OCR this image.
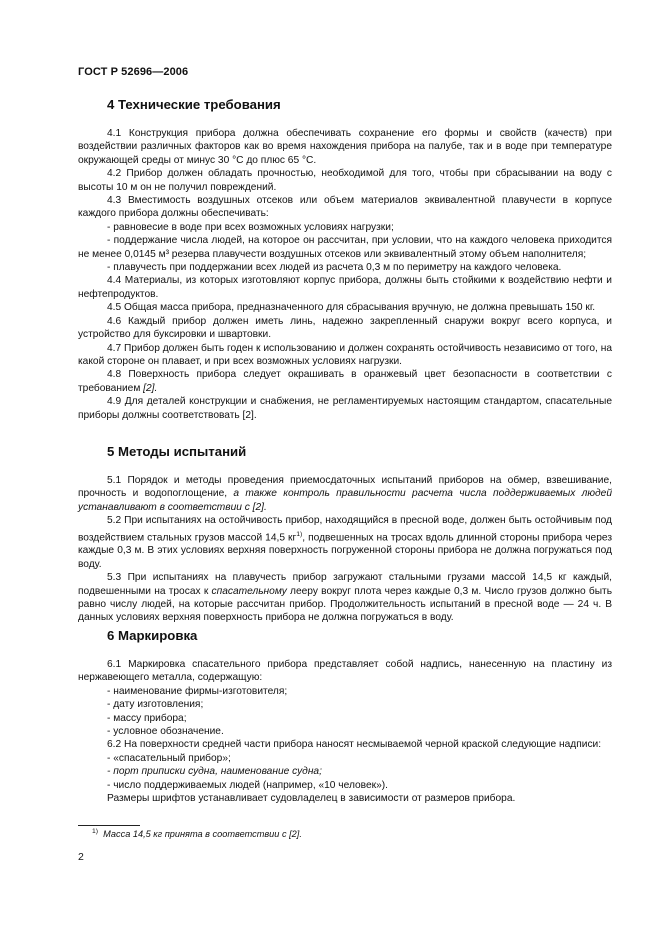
ГОСТ Р 52696—2006
4 Технические требования

4.1 Конструкция прибора должна обеспечивать сохранение его формы и свойств (качеств) при воздействии различных факторов как во время нахождения прибора на палубе, так и в воде при температуре окружающей среды от минус 30 °С до плюс 65 °С.

4.2 Прибор должен обладать прочностью, необходимой для того, чтобы при сбрасывании на воду с высоты 10 м он не получил повреждений.

4.3 Вместимость воздушных отсеков или объем материалов эквивалентной плавучести в корпусе каждого прибора должны обеспечивать:

- равновесие в воде при всех возможных условиях нагрузки;

- поддержание числа людей, на которое он рассчитан, при условии, что на каждого человека приходится не менее 0,0145 м³ резерва плавучести воздушных отсеков или эквивалентный этому объем наполнителя;

- плавучесть при поддержании всех людей из расчета 0,3 м по периметру на каждого человека.

4.4 Материалы, из которых изготовляют корпус прибора, должны быть стойкими к воздействию нефти и нефтепродуктов.

4.5 Общая масса прибора, предназначенного для сбрасывания вручную, не должна превышать 150 кг.

4.6 Каждый прибор должен иметь линь, надежно закрепленный снаружи вокруг всего корпуса, и устройство для буксировки и швартовки.

4.7 Прибор должен быть годен к использованию и должен сохранять остойчивость независимо от того, на какой стороне он плавает, и при всех возможных условиях нагрузки.

4.8 Поверхность прибора следует окрашивать в оранжевый цвет безопасности в соответствии с требованием [2].

4.9 Для деталей конструкции и снабжения, не регламентируемых настоящим стандартом, спасательные приборы должны соответствовать [2].

5 Методы испытаний

5.1 Порядок и методы проведения приемосдаточных испытаний приборов на обмер, взвешивание, прочность и водопоглощение, а также контроль правильности расчета числа поддерживаемых людей устанавливают в соответствии с [2].

5.2 При испытаниях на остойчивость прибор, находящийся в пресной воде, должен быть остойчивым под воздействием стальных грузов массой 14,5 $кг^{1)}$, подвешенных на тросах вдоль длинной стороны прибора через каждые 0,3 м. В этих условиях верхняя поверхность погруженной стороны прибора не должна погружаться под воду.

5.3 При испытаниях на плавучесть прибор загружают стальными грузами массой 14,5 кг каждый, подвешенными на тросах к спасательному лееру вокруг плота через каждые 0,3 м. Число грузов должно быть равно числу людей, на которые рассчитан прибор. Продолжительность испытаний в пресной воде — 24 ч. В данных условиях верхняя поверхность прибора не должна погружаться в воду.

6 Маркировка

6.1 Маркировка спасательного прибора представляет собой надпись, нанесенную на пластину из нержавеющего металла, содержащую:

- наименование фирмы-изготовителя;

- дату изготовления;

- массу прибора;

- условное обозначение.

6.2 На поверхности средней части прибора наносят несмываемой черной краской следующие надписи:

- «спасательный прибор»;

- порт приписки судна, наименование судна;

- число поддерживаемых людей (например, «10 человек»).

Размеры шрифтов устанавливает судовладелец в зависимости от размеров прибора.

$^{1)}$ Масса 14,5 кг принята в соответствии с [2].
2
